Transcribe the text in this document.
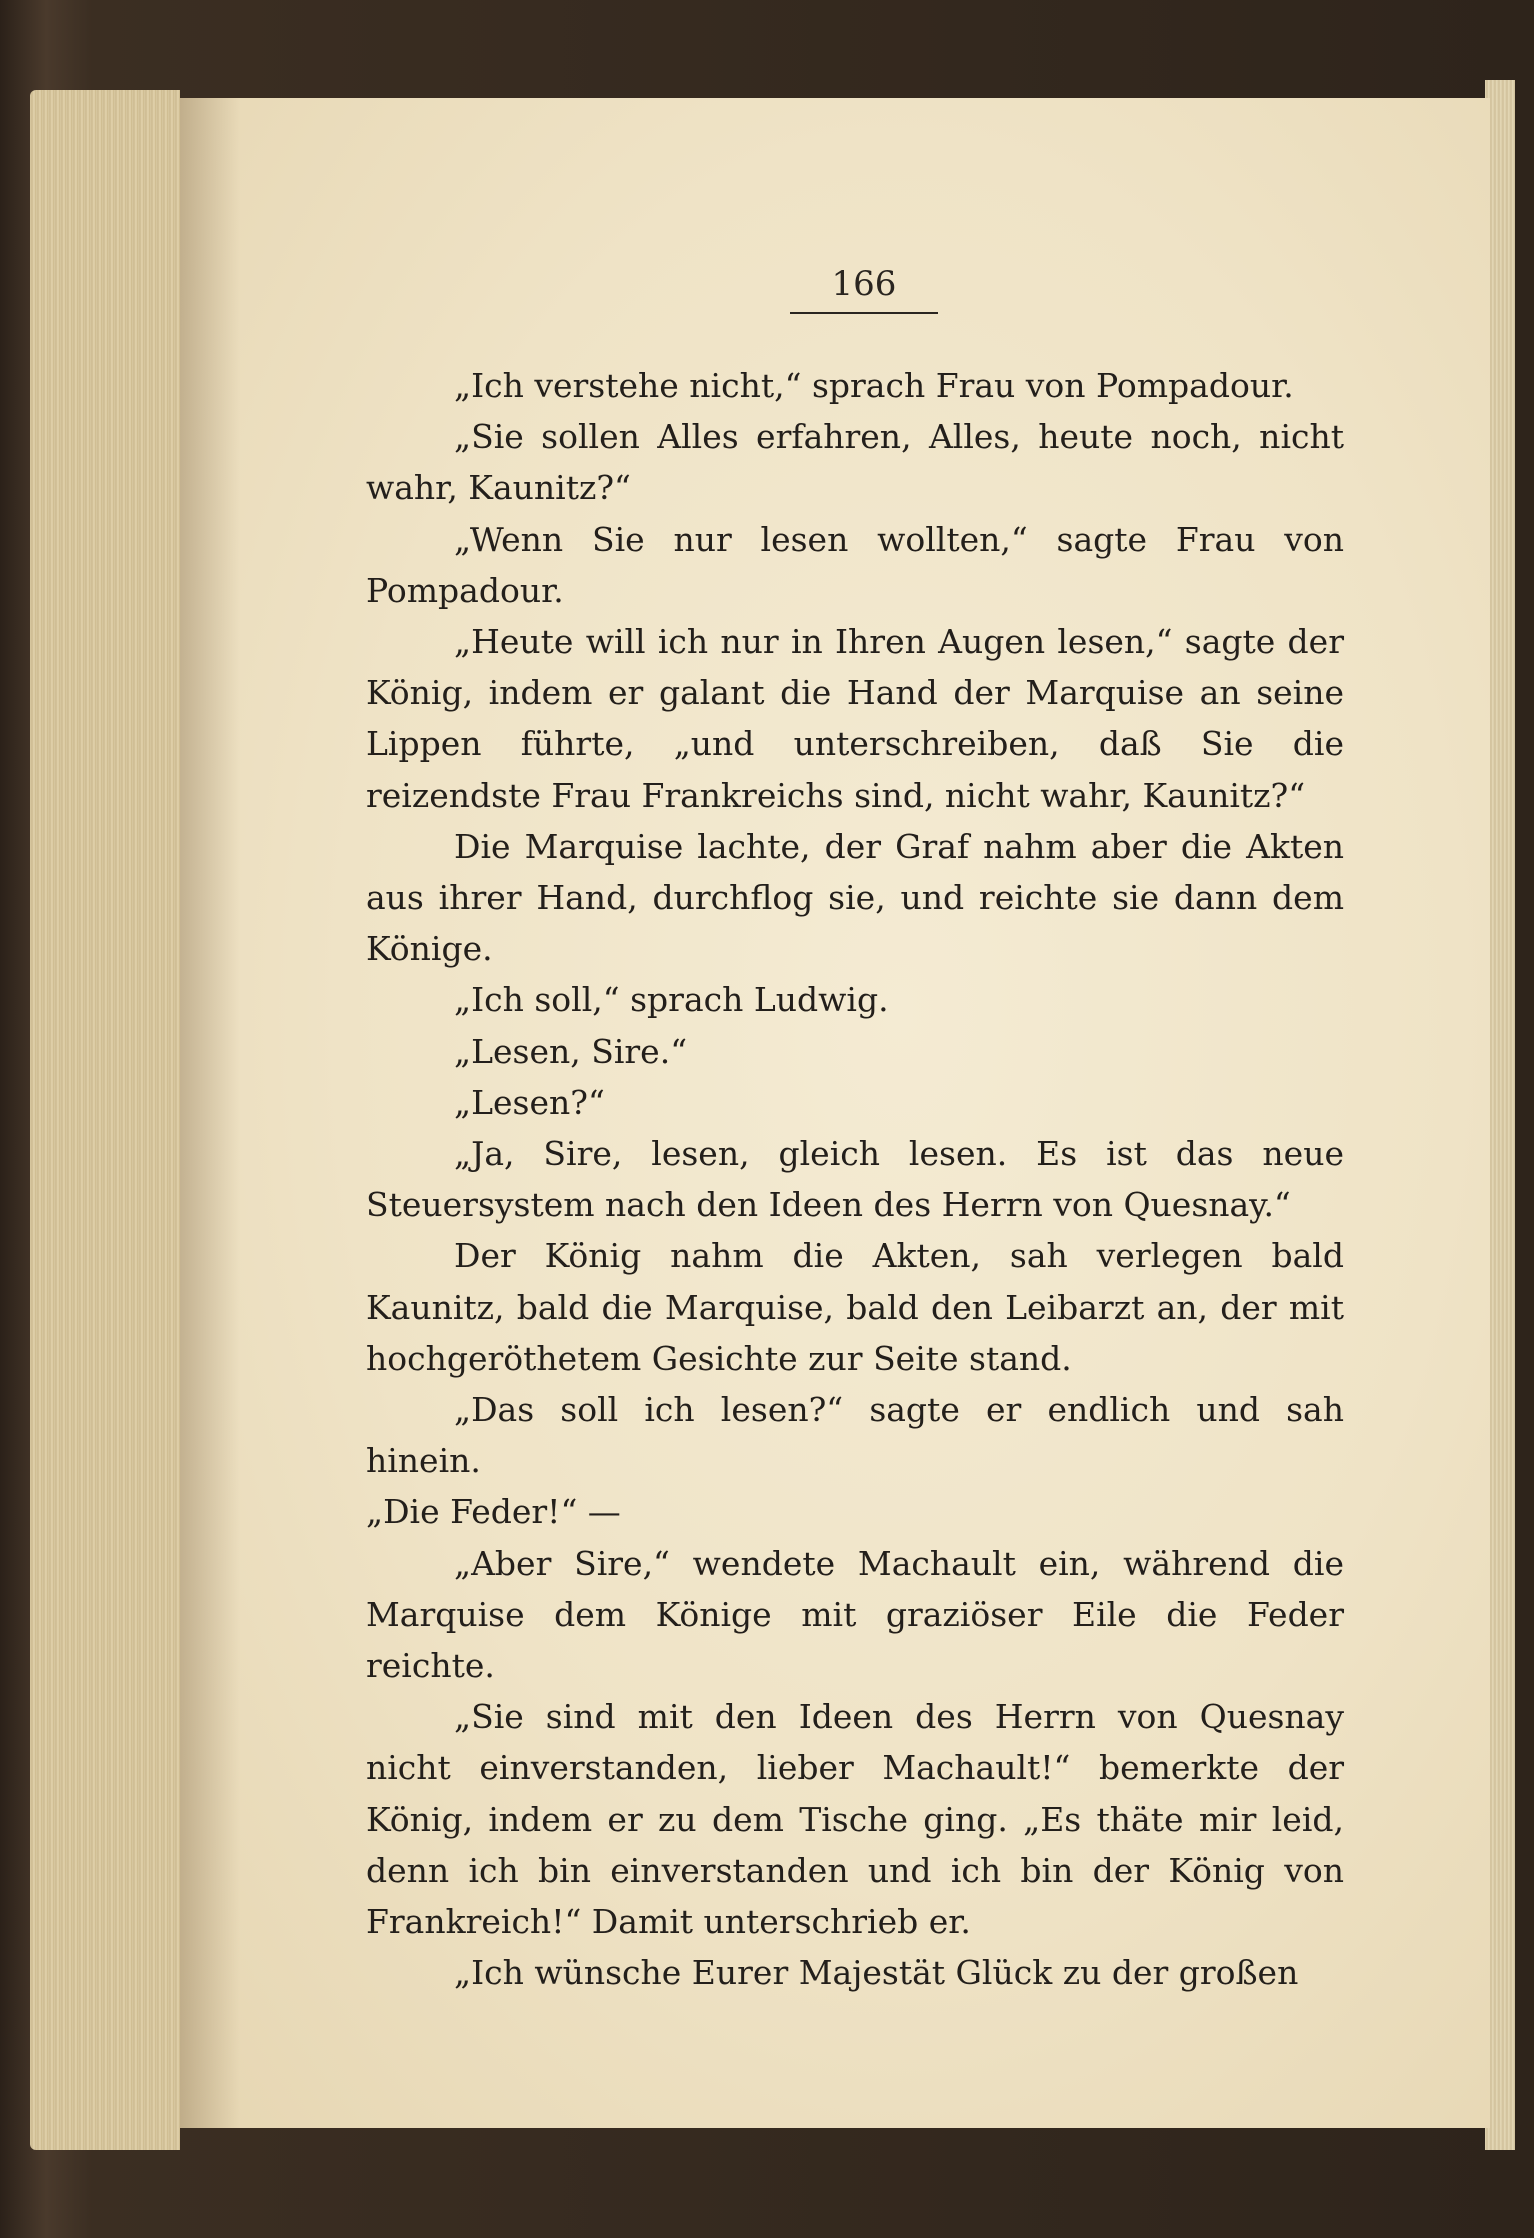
166

„Ich verstehe nicht,“ sprach Frau von Pompadour.

„Sie sollen Alles erfahren, Alles, heute noch, nicht wahr, Kaunitz?“

„Wenn Sie nur lesen wollten,“ sagte Frau von Pompadour.

„Heute will ich nur in Ihren Augen lesen,“ sagte der König, indem er galant die Hand der Marquise an seine Lippen führte, „und unterschreiben, daß Sie die reizendste Frau Frankreichs sind, nicht wahr, Kaunitz?“

Die Marquise lachte, der Graf nahm aber die Akten aus ihrer Hand, durchflog sie, und reichte sie dann dem Könige.

„Ich soll,“ sprach Ludwig.

„Lesen, Sire.“

„Lesen?“

„Ja, Sire, lesen, gleich lesen. Es ist das neue Steuersystem nach den Ideen des Herrn von Quesnay.“

Der König nahm die Akten, sah verlegen bald Kaunitz, bald die Marquise, bald den Leibarzt an, der mit hochgeröthetem Gesichte zur Seite stand.

„Das soll ich lesen?“ sagte er endlich und sah hinein.

„Die Feder!“ —

„Aber Sire,“ wendete Machault ein, während die Marquise dem Könige mit graziöser Eile die Feder reichte.

„Sie sind mit den Ideen des Herrn von Quesnay nicht einverstanden, lieber Machault!“ bemerkte der König, indem er zu dem Tische ging. „Es thäte mir leid, denn ich bin einverstanden und ich bin der König von Frankreich!“ Damit unterschrieb er.

„Ich wünsche Eurer Majestät Glück zu der großen
